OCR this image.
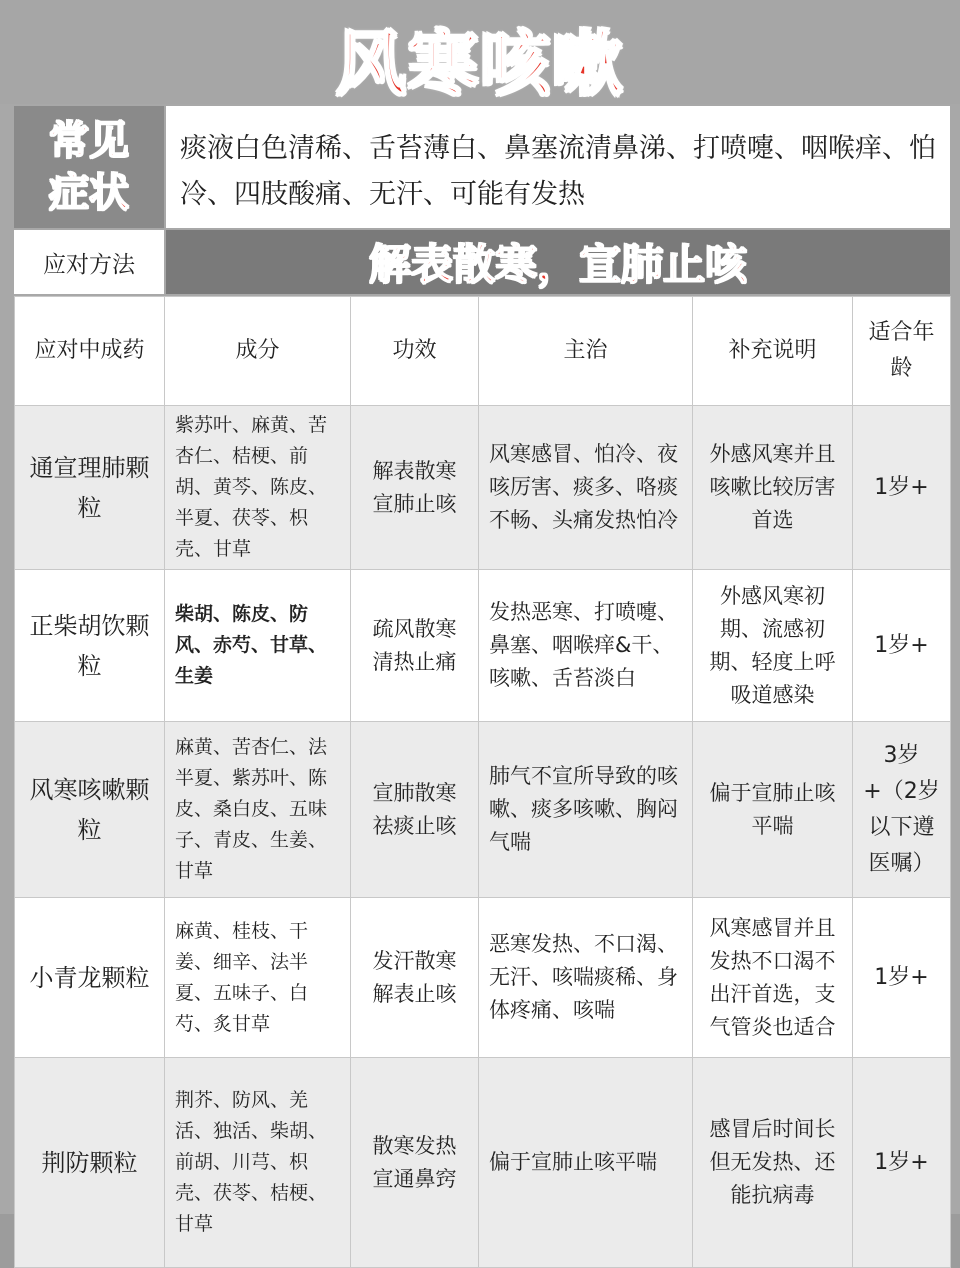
风寒咳嗽
常见症状
痰液白色清稀、舌苔薄白、鼻塞流清鼻涕、打喷嚏、咽喉痒、怕冷、四肢酸痛、无汗、可能有发热
应对方法	解表散寒，宣肺止咳
应对中成药	成分	功效	主治	补充说明	适合年龄
通宣理肺颗粒	紫苏叶、麻黄、苦杏仁、桔梗、前胡、黄芩、陈皮、半夏、茯苓、枳壳、甘草	解表散寒宣肺止咳	风寒感冒、怕冷、夜咳厉害、痰多、咯痰不畅、头痛发热怕冷	外感风寒并且咳嗽比较厉害首选	1岁+
正柴胡饮颗粒	柴胡、陈皮、防风、赤芍、甘草、生姜	疏风散寒清热止痛	发热恶寒、打喷嚏、鼻塞、咽喉痒&干、咳嗽、舌苔淡白	外感风寒初期、流感初期、轻度上呼吸道感染	1岁+
风寒咳嗽颗粒	麻黄、苦杏仁、法半夏、紫苏叶、陈皮、桑白皮、五味子、青皮、生姜、甘草	宣肺散寒祛痰止咳	肺气不宣所导致的咳嗽、痰多咳嗽、胸闷气喘	偏于宣肺止咳平喘	3岁+（2岁以下遵医嘱）
小青龙颗粒	麻黄、桂枝、干姜、细辛、法半夏、五味子、白芍、炙甘草	发汗散寒解表止咳	恶寒发热、不口渴、无汗、咳喘痰稀、身体疼痛、咳喘	风寒感冒并且发热不口渴不出汗首选，支气管炎也适合	1岁+
荆防颗粒	荆芥、防风、羌活、独活、柴胡、前胡、川芎、枳壳、茯苓、桔梗、甘草	散寒发热宣通鼻窍	偏于宣肺止咳平喘	感冒后时间长但无发热、还能抗病毒	1岁+
